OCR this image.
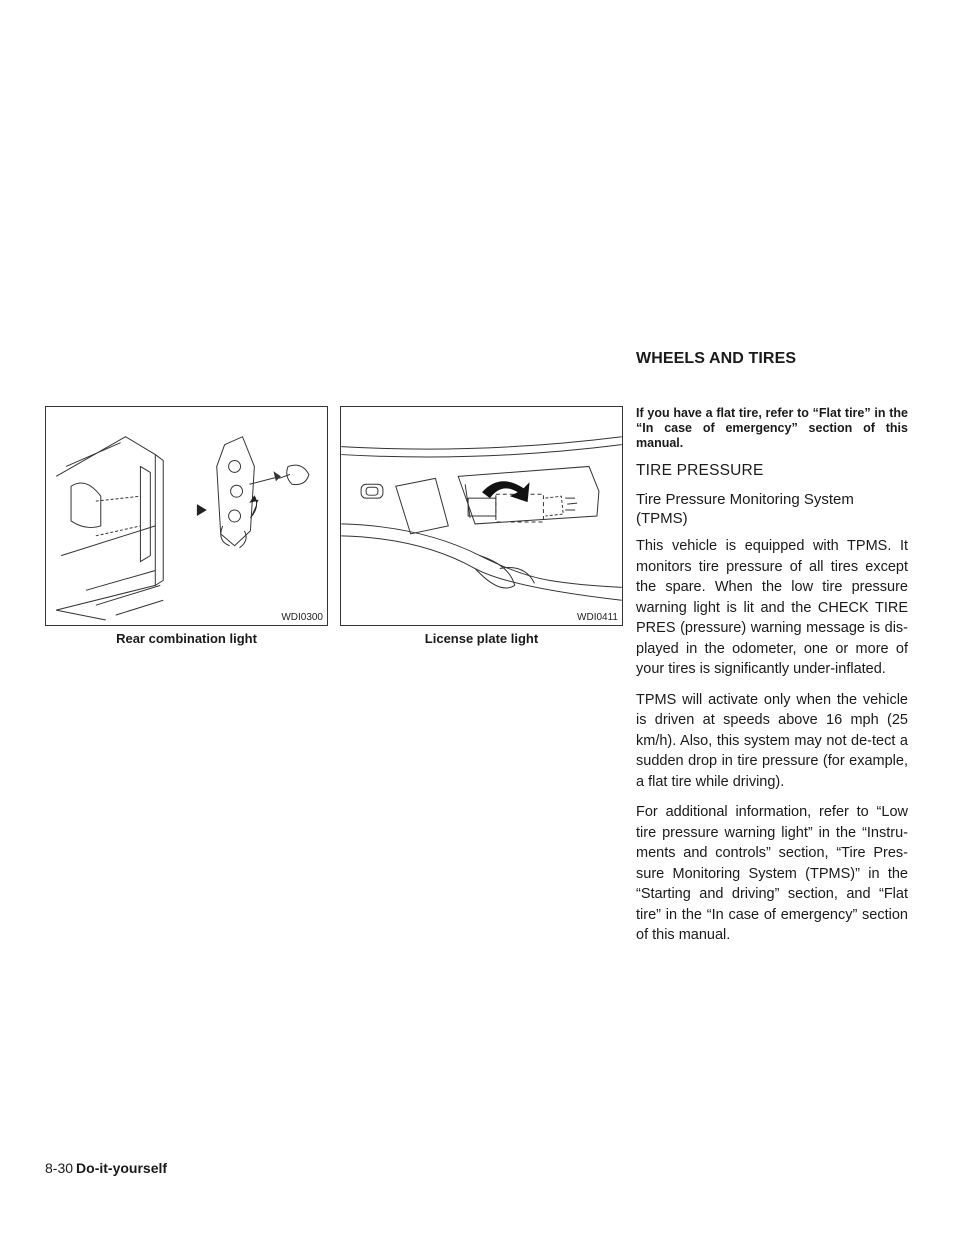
WDI0300
Rear combination light
WDI0411
License plate light
WHEELS AND TIRES

If you have a flat tire, refer to “Flat tire” in the “In case of emergency” section of this manual.

TIRE PRESSURE
Tire Pressure Monitoring System (TPMS)

This vehicle is equipped with TPMS. It monitors tire pressure of all tires except the spare. When the low tire pressure warning light is lit and the CHECK TIRE PRES (pressure) warning message is dis-played in the odometer, one or more of your tires is significantly under-inflated.

TPMS will activate only when the vehicle is driven at speeds above 16 mph (25 km/h). Also, this system may not de-tect a sudden drop in tire pressure (for example, a flat tire while driving).

For additional information, refer to “Low tire pressure warning light” in the “Instru-ments and controls” section, “Tire Pres-sure Monitoring System (TPMS)” in the “Starting and driving” section, and “Flat tire” in the “In case of emergency” section of this manual.

8-30 Do-it-yourself
